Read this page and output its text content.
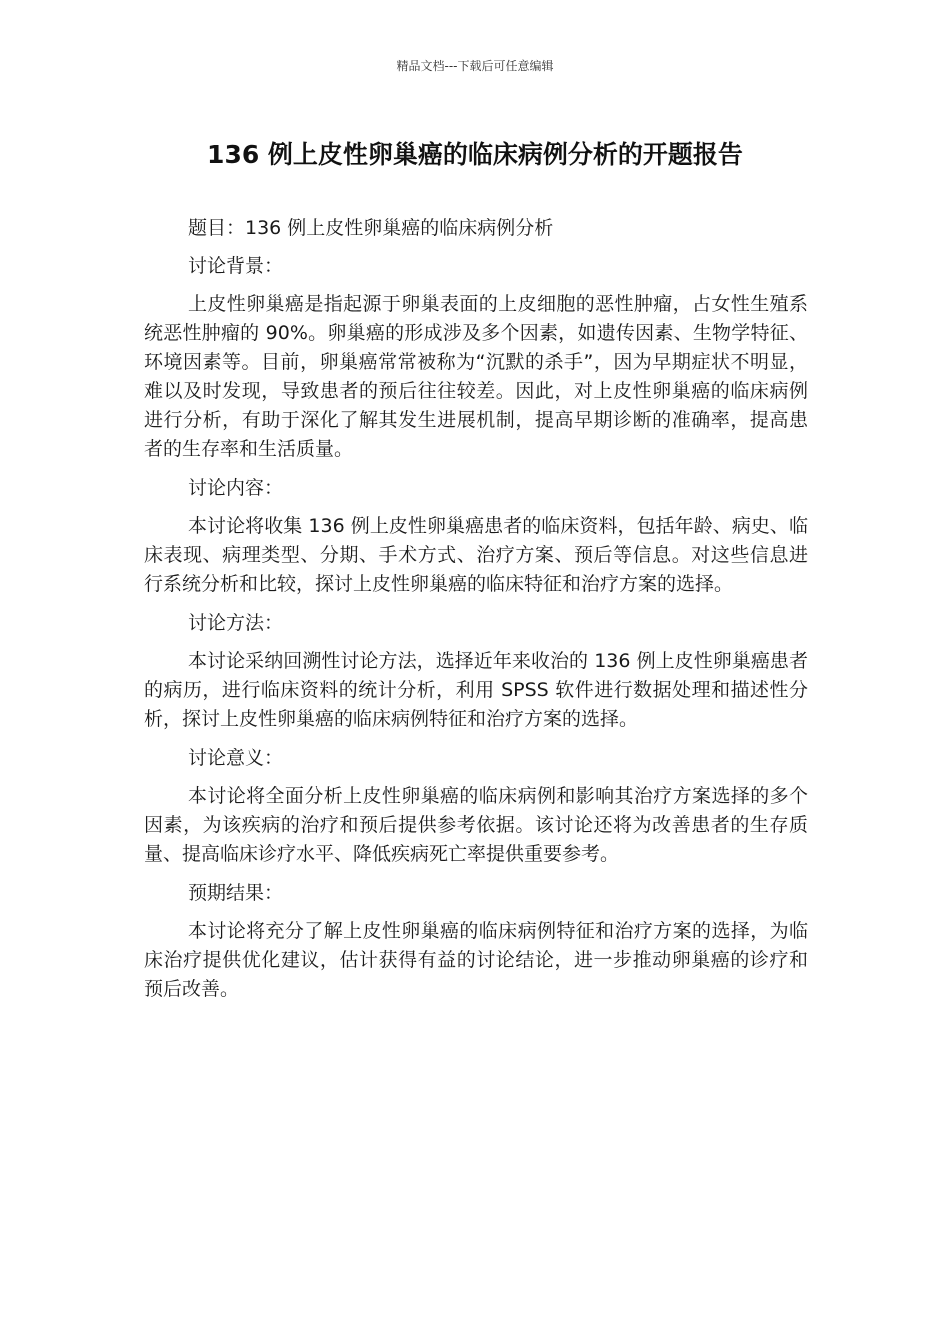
精品文档---下载后可任意编辑
136 例上皮性卵巢癌的临床病例分析的开题报告

题目：136 例上皮性卵巢癌的临床病例分析

讨论背景：

上皮性卵巢癌是指起源于卵巢表面的上皮细胞的恶性肿瘤，占女性生殖系统恶性肿瘤的 90%。卵巢癌的形成涉及多个因素，如遗传因素、生物学特征、环境因素等。目前，卵巢癌常常被称为“沉默的杀手”，因为早期症状不明显，难以及时发现，导致患者的预后往往较差。因此，对上皮性卵巢癌的临床病例进行分析，有助于深化了解其发生进展机制，提高早期诊断的准确率，提高患者的生存率和生活质量。

讨论内容：

本讨论将收集 136 例上皮性卵巢癌患者的临床资料，包括年龄、病史、临床表现、病理类型、分期、手术方式、治疗方案、预后等信息。对这些信息进行系统分析和比较，探讨上皮性卵巢癌的临床特征和治疗方案的选择。

讨论方法：

本讨论采纳回溯性讨论方法，选择近年来收治的 136 例上皮性卵巢癌患者的病历，进行临床资料的统计分析，利用 SPSS 软件进行数据处理和描述性分析，探讨上皮性卵巢癌的临床病例特征和治疗方案的选择。

讨论意义：

本讨论将全面分析上皮性卵巢癌的临床病例和影响其治疗方案选择的多个因素，为该疾病的治疗和预后提供参考依据。该讨论还将为改善患者的生存质量、提高临床诊疗水平、降低疾病死亡率提供重要参考。

预期结果：

本讨论将充分了解上皮性卵巢癌的临床病例特征和治疗方案的选择，为临床治疗提供优化建议，估计获得有益的讨论结论，进一步推动卵巢癌的诊疗和预后改善。
